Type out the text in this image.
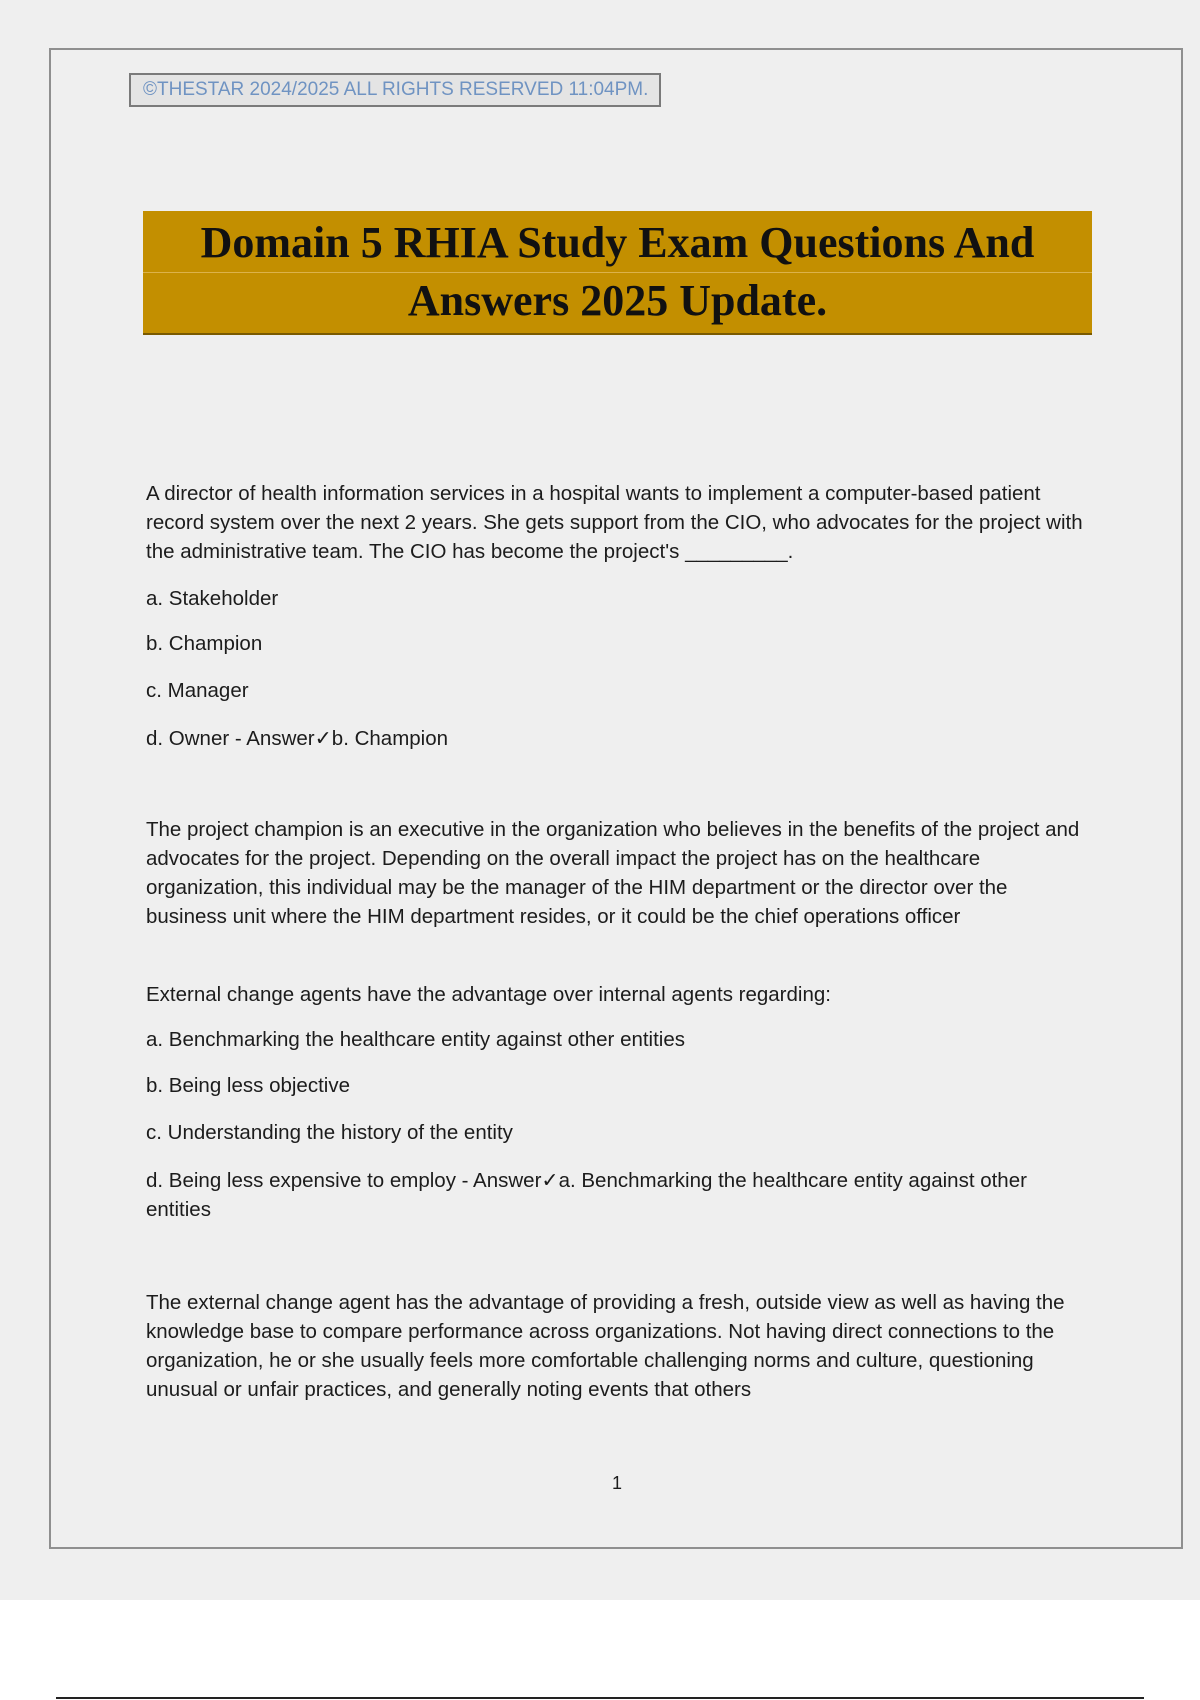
©THESTAR 2024/2025 ALL RIGHTS RESERVED 11:04PM.
Domain 5 RHIA Study Exam Questions And
Answers 2025 Update.
A director of health information services in a hospital wants to implement a computer-based patient record system over the next 2 years. She gets support from the CIO, who advocates for the project with the administrative team. The CIO has become the project's _________.
a. Stakeholder
b. Champion
c. Manager
d. Owner - Answer✓b. Champion
The project champion is an executive in the organization who believes in the benefits of the project and advocates for the project. Depending on the overall impact the project has on the healthcare organization, this individual may be the manager of the HIM department or the director over the business unit where the HIM department resides, or it could be the chief operations officer
External change agents have the advantage over internal agents regarding:
a. Benchmarking the healthcare entity against other entities
b. Being less objective
c. Understanding the history of the entity
d. Being less expensive to employ - Answer✓a. Benchmarking the healthcare entity against other entities
The external change agent has the advantage of providing a fresh, outside view as well as having the knowledge base to compare performance across organizations. Not having direct connections to the organization, he or she usually feels more comfortable challenging norms and culture, questioning unusual or unfair practices, and generally noting events that others
1
